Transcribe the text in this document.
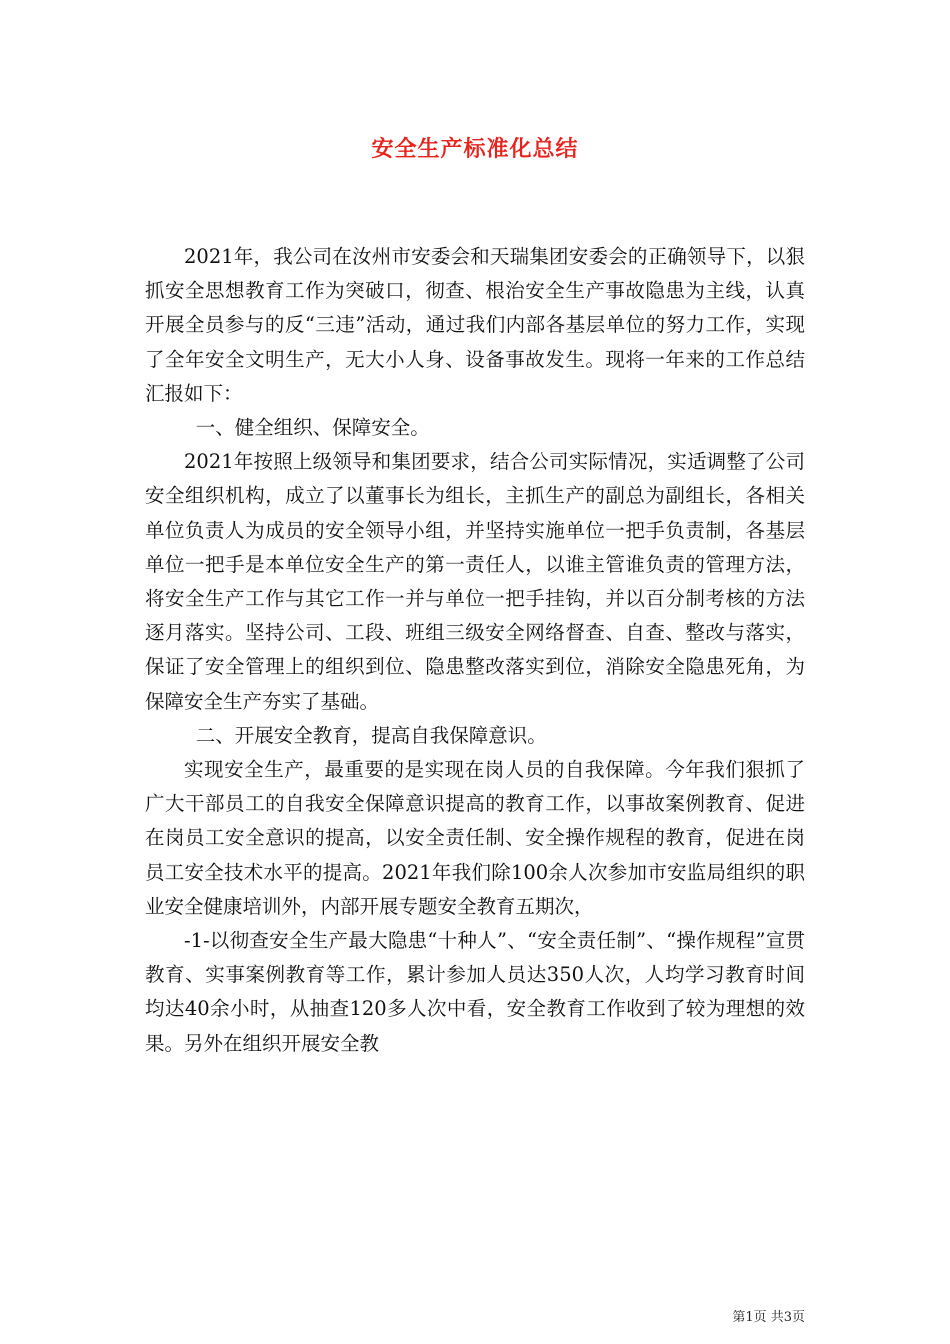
安全生产标准化总结

2021年，我公司在汝州市安委会和天瑞集团安委会的正确领导下，以狠抓安全思想教育工作为突破口，彻查、根治安全生产事故隐患为主线，认真开展全员参与的反“三违”活动，通过我们内部各基层单位的努力工作，实现了全年安全文明生产，无大小人身、设备事故发生。现将一年来的工作总结汇报如下：

一、健全组织、保障安全。

2021年按照上级领导和集团要求，结合公司实际情况，实适调整了公司安全组织机构，成立了以董事长为组长，主抓生产的副总为副组长，各相关单位负责人为成员的安全领导小组，并坚持实施单位一把手负责制，各基层单位一把手是本单位安全生产的第一责任人，以谁主管谁负责的管理方法，将安全生产工作与其它工作一并与单位一把手挂钩，并以百分制考核的方法逐月落实。坚持公司、工段、班组三级安全网络督查、自查、整改与落实，保证了安全管理上的组织到位、隐患整改落实到位，消除安全隐患死角，为保障安全生产夯实了基础。

二、开展安全教育，提高自我保障意识。

实现安全生产，最重要的是实现在岗人员的自我保障。今年我们狠抓了广大干部员工的自我安全保障意识提高的教育工作，以事故案例教育、促进在岗员工安全意识的提高，以安全责任制、安全操作规程的教育，促进在岗员工安全技术水平的提高。2021年我们除100余人次参加市安监局组织的职业安全健康培训外，内部开展专题安全教育五期次，

-1-以彻查安全生产最大隐患“十种人”、“安全责任制”、“操作规程”宣贯教育、实事案例教育等工作，累计参加人员达350人次，人均学习教育时间均达40余小时，从抽查120多人次中看，安全教育工作收到了较为理想的效果。另外在组织开展安全教

第1页 共3页
